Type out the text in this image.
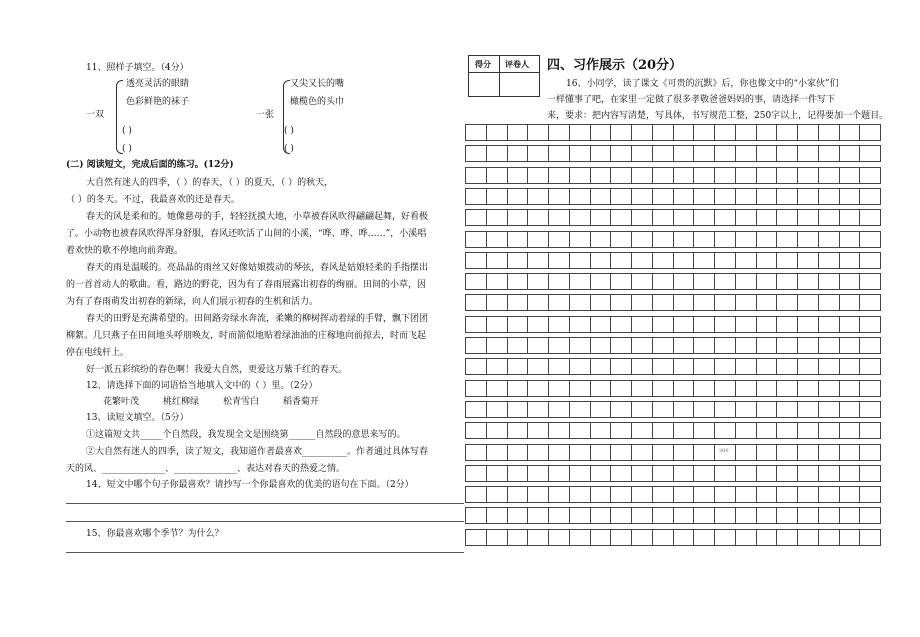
11、照样子填空。（4分）
一双
透亮灵活的眼睛
色彩鲜艳的袜子
( )
( )
一张
又尖又长的嘴
橄榄色的头巾
( )
( )
(二) 阅读短文，完成后面的练习。(12分)
大自然有迷人的四季，（ ）的春天，（ ）的夏天，（ ）的秋天，
（ ）的冬天。不过，我最喜欢的还是春天。
春天的风是柔和的。她像慈母的手，轻轻抚摸大地，小草被春风吹得翩翩起舞，好看极
了。小动物也被春风吹得浑身舒服，春风还吹活了山间的小溪，“哗、哗、哗……”，小溪唱
着欢快的歌不停地向前奔跑。
春天的雨是温暖的。亮晶晶的雨丝又好像姑娘拨动的琴弦，春风是姑娘轻柔的手指摆出
的一首首动人的歌曲。看，路边的野花，因为有了春雨展露出初春的绚丽。田间的小草，因
为有了春雨萌发出初春的新绿，向人们展示初春的生机和活力。
春天的田野是充满希望的。田间路旁绿水奔流，柔嫩的柳树挥动着绿的手臂，飘下团团
柳絮。几只燕子在田间地头呼朋唤友，时而箭似地贴着绿油油的庄稼地向前掠去，时而飞起
停在电线杆上。
好一派五彩缤纷的春色啊！我爱大自然，更爱这万紫千红的春天。
12、请选择下面的词语恰当地填入文中的（ ）里。（2分）
花繁叶茂	桃红柳绿	松青雪白	稻香菊开
13、读短文填空。（5分）
①这篇短文共_____个自然段，我发现全文是围绕第______自然段的意思来写的。
②大自然有迷人的四季，读了短文，我知道作者最喜欢__________。作者通过具体写春
天的风、______________、______________、表达对春天的热爱之情。
14、短文中哪个句子你最喜欢？请抄写一个你最喜欢的优美的语句在下面。（2分）
15、你最喜欢哪个季节？为什么？
得分 评卷人 四、习作展示（20分）
16、小同学，读了课文《可贵的沉默》后，你也像文中的“小家伙”们
一样懂事了吧，在家里一定做了很多孝敬爸爸妈妈的事，请选择一件写下
来，要求：把内容写清楚，写具体，书写规范工整，250字以上，记得要加一个题目。
300
